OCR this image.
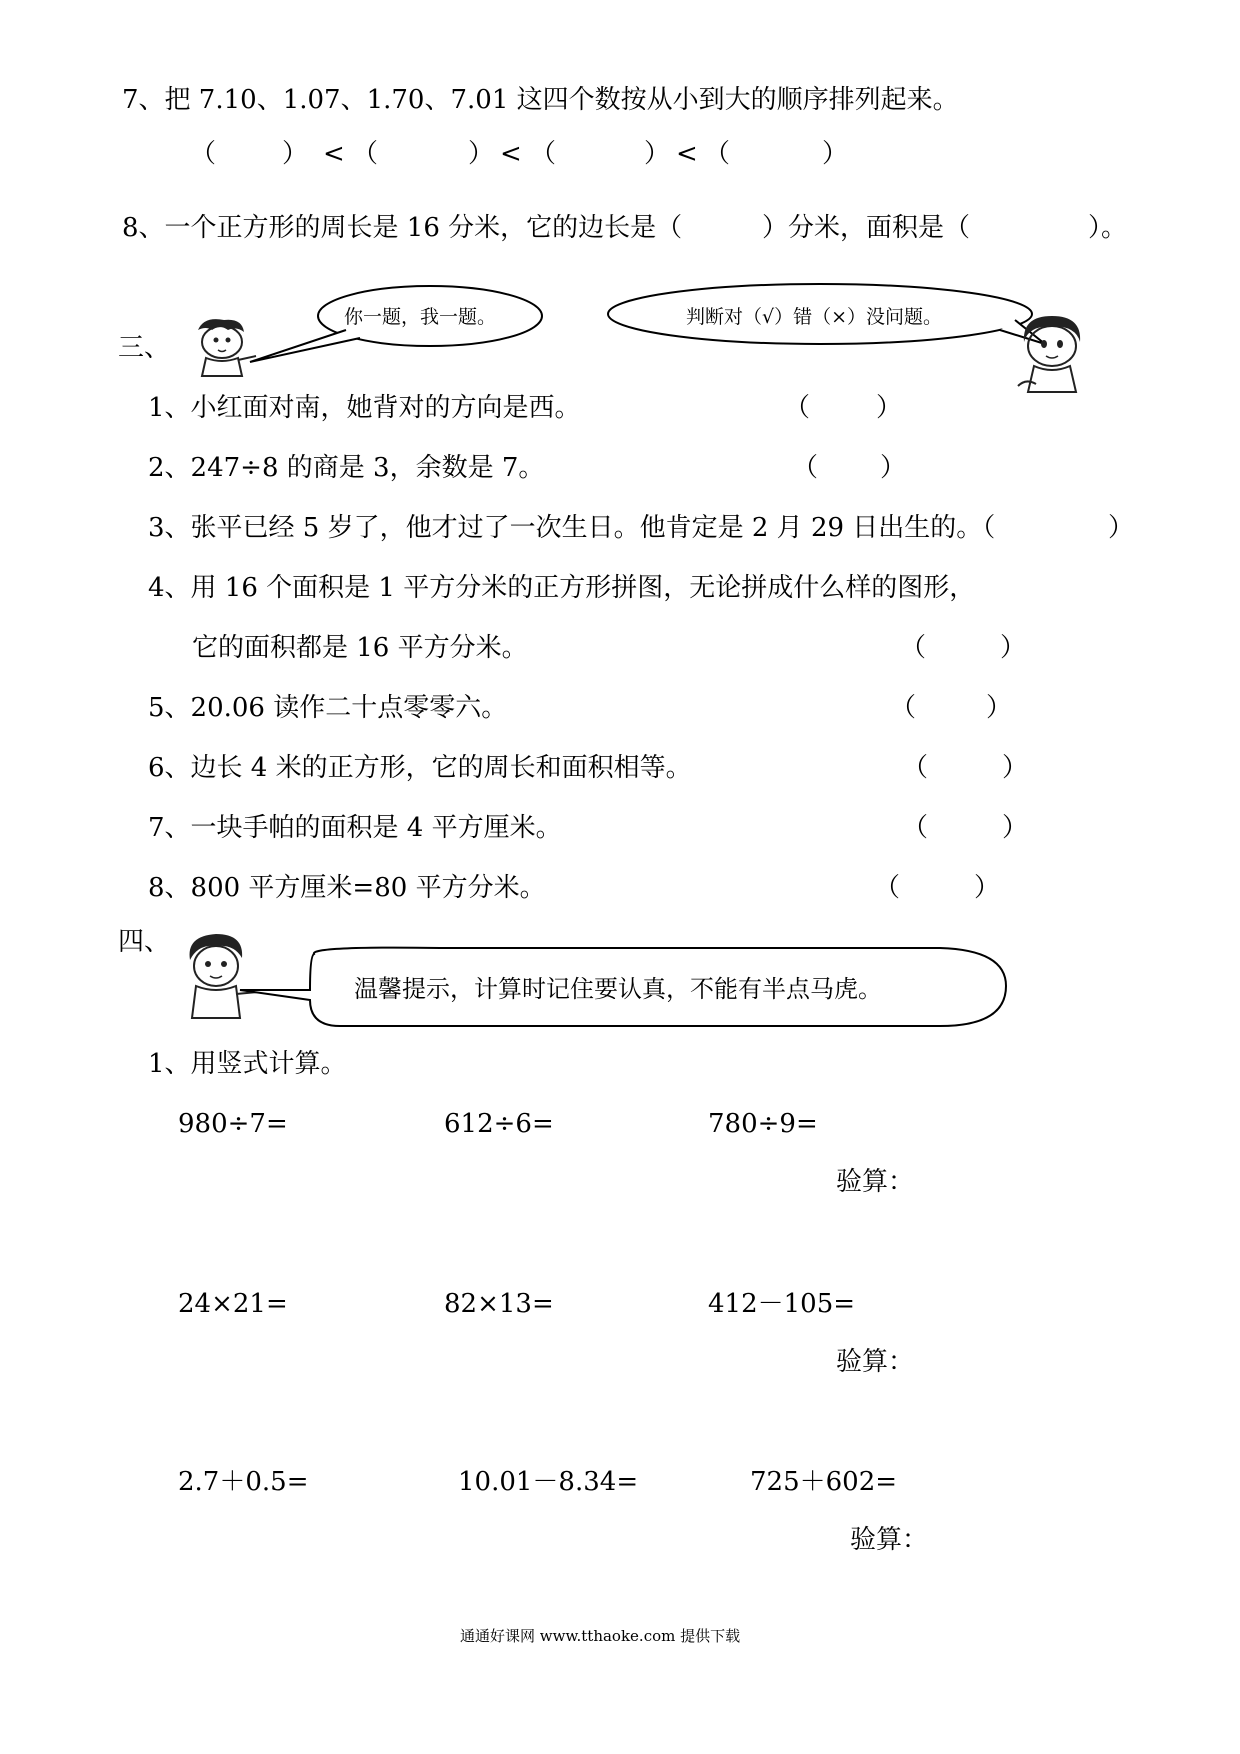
7、把 7.10、1.07、1.70、7.01 这四个数按从小到大的顺序排列起来。
（	） < （	） < （	） < （	）
8、一个正方形的周长是 16 分米，它的边长是（	）分米，面积是（	）。
三、
你一题，我一题。	判断对（√）错（×）没问题。
1、小红面对南，她背对的方向是西。	（	）
2、247÷8 的商是 3，余数是 7。	（ ）
3、张平已经 5 岁了，他才过了一次生日。他肯定是 2 月 29 日出生的。（	）
4、用 16 个面积是 1 平方分米的正方形拼图，无论拼成什么样的图形，
它的面积都是 16 平方分米。	（	）
5、20.06 读作二十点零零六。	（	）
6、边长 4 米的正方形，它的周长和面积相等。	（	）
7、一块手帕的面积是 4 平方厘米。	（	）
8、800 平方厘米=80 平方分米。	（	）
四、
温馨提示，计算时记住要认真，不能有半点马虎。
1、用竖式计算。
980÷7=	612÷6=	780÷9=
验算：
24×21=	82×13=	412－105=
验算：
2.7＋0.5=	10.01－8.34=	725＋602=
验算：
通通好课网 www.tthaoke.com 提供下载
